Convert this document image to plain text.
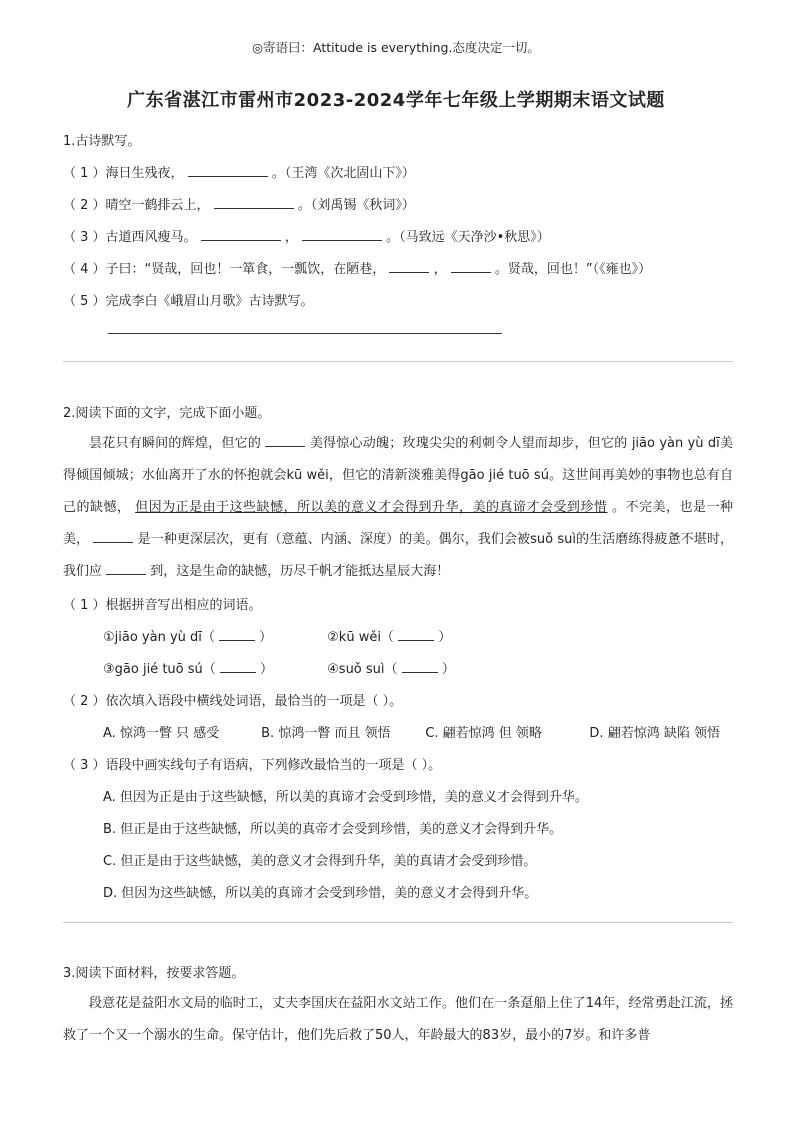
◎寄语曰：Attitude is everything.态度决定一切。
广东省湛江市雷州市2023-2024学年七年级上学期期末语文试题
1.古诗默写。
（ 1 ）海日生残夜，	。（王湾《次北固山下》）
（ 2 ）晴空一鹤排云上，	。（刘禹锡《秋词》）
（ 3 ）古道西风瘦马。	，	。（马致远《天净沙•秋思》）
（ 4 ）子曰：“贤哉，回也！一箪食，一瓢饮，在陋巷，	，	。贤哉，回也！”（《雍也》）
（ 5 ）完成李白《峨眉山月歌》古诗默写。
2.阅读下面的文字，完成下面小题。

昙花只有瞬间的辉煌，但它的	美得惊心动魄；玫瑰尖尖的利刺令人望而却步，但它的 jiāo yàn yù dī美得倾国倾城；水仙离开了水的怀抱就会kū wěi，但它的清新淡雅美得gāo jié tuō sú。这世间再美妙的事物也总有自己的缺憾， 但因为正是由于这些缺憾，所以美的意义才会得到升华，美的真谛才会受到珍惜 。不完美，也是一种美，	是一种更深层次，更有（意蕴、内涵、深度）的美。偶尔，我们会被suǒ suì的生活磨练得疲惫不堪时，我们应	到，这是生命的缺憾，历尽千帆才能抵达星辰大海！

（ 1 ）根据拼音写出相应的词语。
①jiāo yàn yù dī（	）	②kū wěi（	）
③gāo jié tuō sú（	）	④suǒ suì（	）
（ 2 ）依次填入语段中横线处词语，最恰当的一项是（ ）。
A. 惊鸿一瞥 只 感受	B. 惊鸿一瞥 而且 领悟	C. 翩若惊鸿 但 领略	D. 翩若惊鸿 缺陷 领悟
（ 3 ）语段中画实线句子有语病，下列修改最恰当的一项是（ ）。
A. 但因为正是由于这些缺憾，所以美的真谛才会受到珍惜，美的意义才会得到升华。
B. 但正是由于这些缺憾，所以美的真帝才会受到珍惜，美的意义才会得到升华。
C. 但正是由于这些缺憾，美的意义才会得到升华，美的真请才会受到珍惜。
D. 但因为这些缺憾，所以美的真谛才会受到珍惜，美的意义才会得到升华。
3.阅读下面材料，按要求答题。

段意花是益阳水文局的临时工，丈夫李国庆在益阳水文站工作。他们在一条趸船上住了14年，经常勇赴江流，拯救了一个又一个溺水的生命。保守估计，他们先后救了50人，年龄最大的83岁，最小的7岁。和许多普
